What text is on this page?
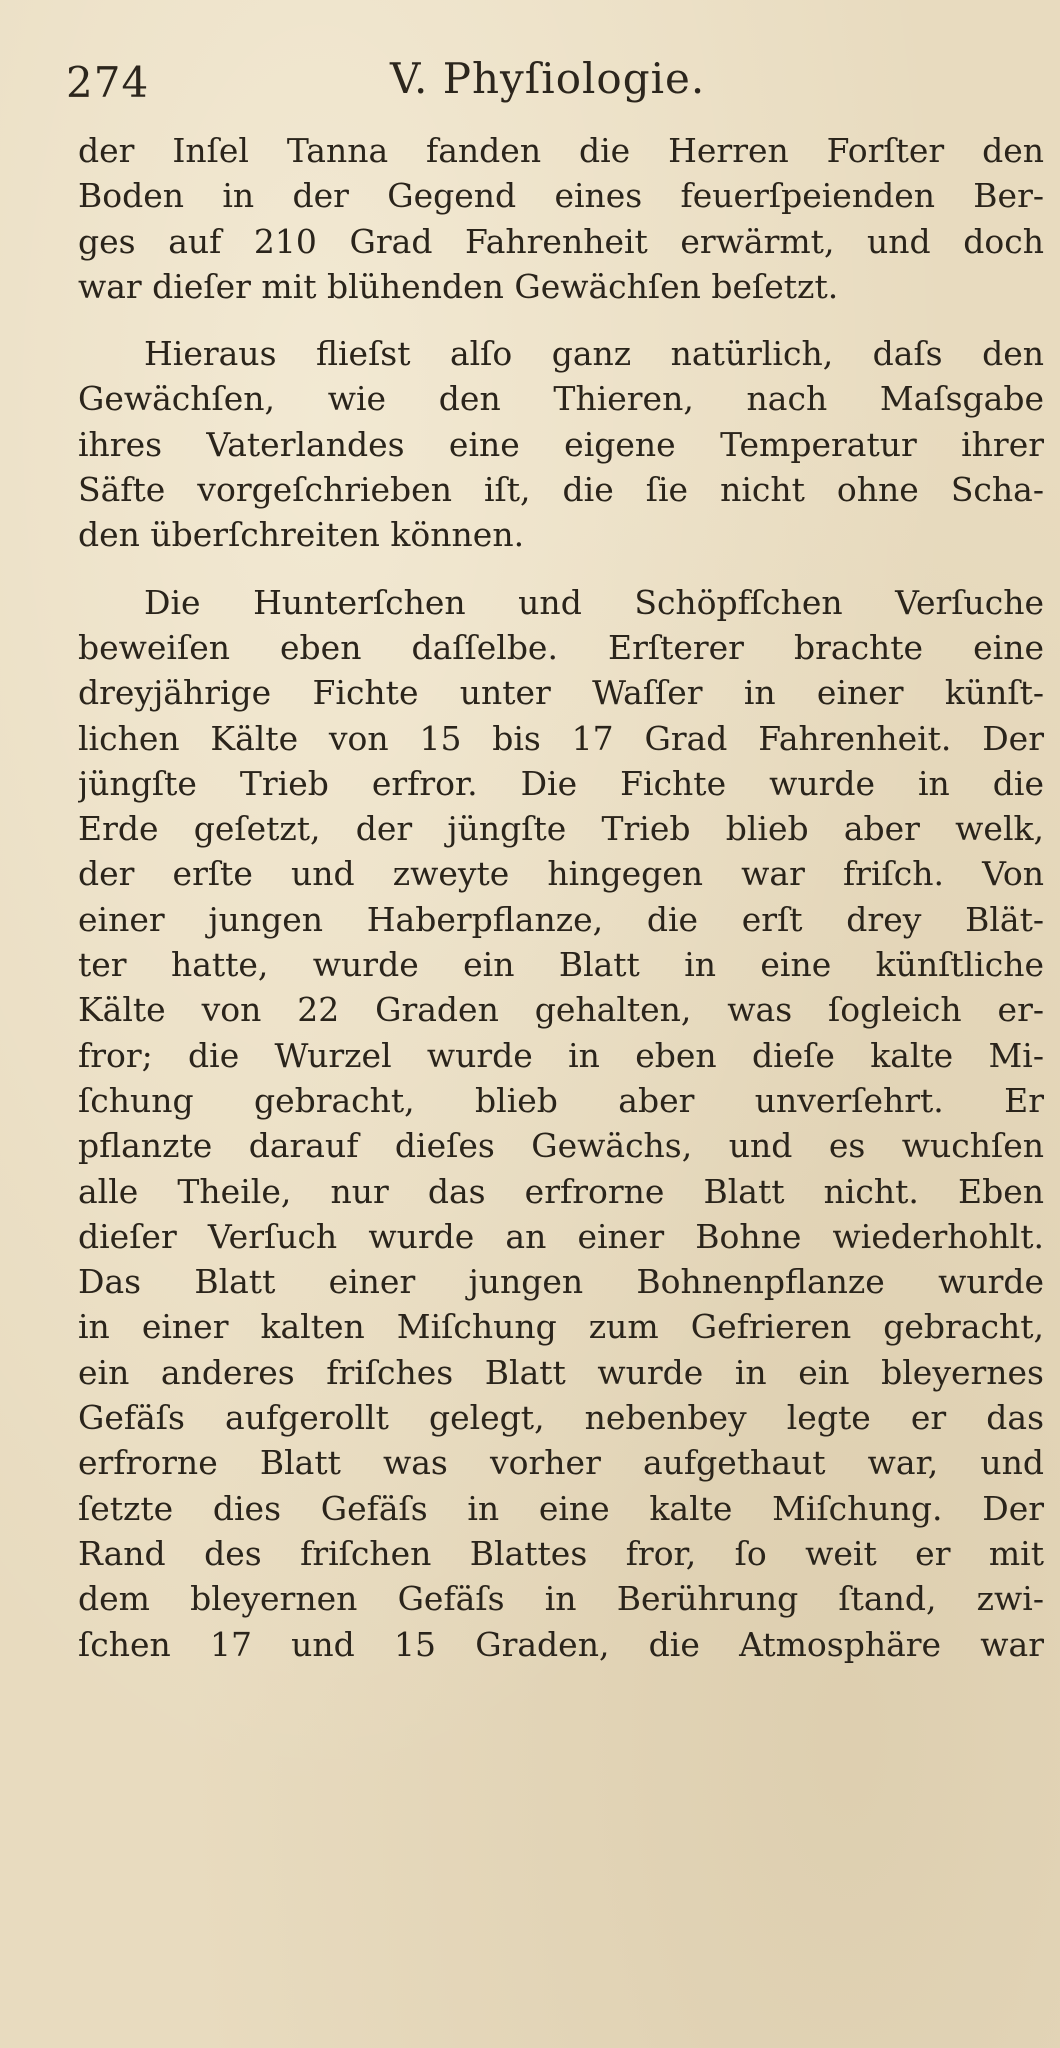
274	V. Phyſiologie.
der Inſel Tanna fanden die Herren Forſter den
Boden in der Gegend eines feuerſpeienden Ber-
ges auf 210 Grad Fahrenheit erwärmt, und doch
war dieſer mit blühenden Gewächſen beſetzt.
Hieraus flieſst alſo ganz natürlich, daſs den
Gewächſen, wie den Thieren, nach Maſsgabe
ihres Vaterlandes eine eigene Temperatur ihrer
Säfte vorgeſchrieben iſt, die ſie nicht ohne Scha-
den überſchreiten können.
Die Hunterſchen und Schöpfſchen Verſuche
beweiſen eben daſſelbe. Erſterer brachte eine
dreyjährige Fichte unter Waſſer in einer künſt-
lichen Kälte von 15 bis 17 Grad Fahrenheit. Der
jüngſte Trieb erfror. Die Fichte wurde in die
Erde geſetzt, der jüngſte Trieb blieb aber welk,
der erſte und zweyte hingegen war friſch. Von
einer jungen Haberpflanze, die erſt drey Blät-
ter hatte, wurde ein Blatt in eine künſtliche
Kälte von 22 Graden gehalten, was ſogleich er-
fror; die Wurzel wurde in eben dieſe kalte Mi-
ſchung gebracht, blieb aber unverſehrt. Er
pflanzte darauf dieſes Gewächs, und es wuchſen
alle Theile, nur das erfrorne Blatt nicht. Eben
dieſer Verſuch wurde an einer Bohne wiederhohlt.
Das Blatt einer jungen Bohnenpflanze wurde
in einer kalten Miſchung zum Gefrieren gebracht,
ein anderes friſches Blatt wurde in ein bleyernes
Gefäſs aufgerollt gelegt, nebenbey legte er das
erfrorne Blatt was vorher aufgethaut war, und
ſetzte dies Gefäſs in eine kalte Miſchung. Der
Rand des friſchen Blattes fror, ſo weit er mit
dem bleyernen Gefäſs in Berührung ſtand, zwi-
ſchen 17 und 15 Graden, die Atmosphäre war
